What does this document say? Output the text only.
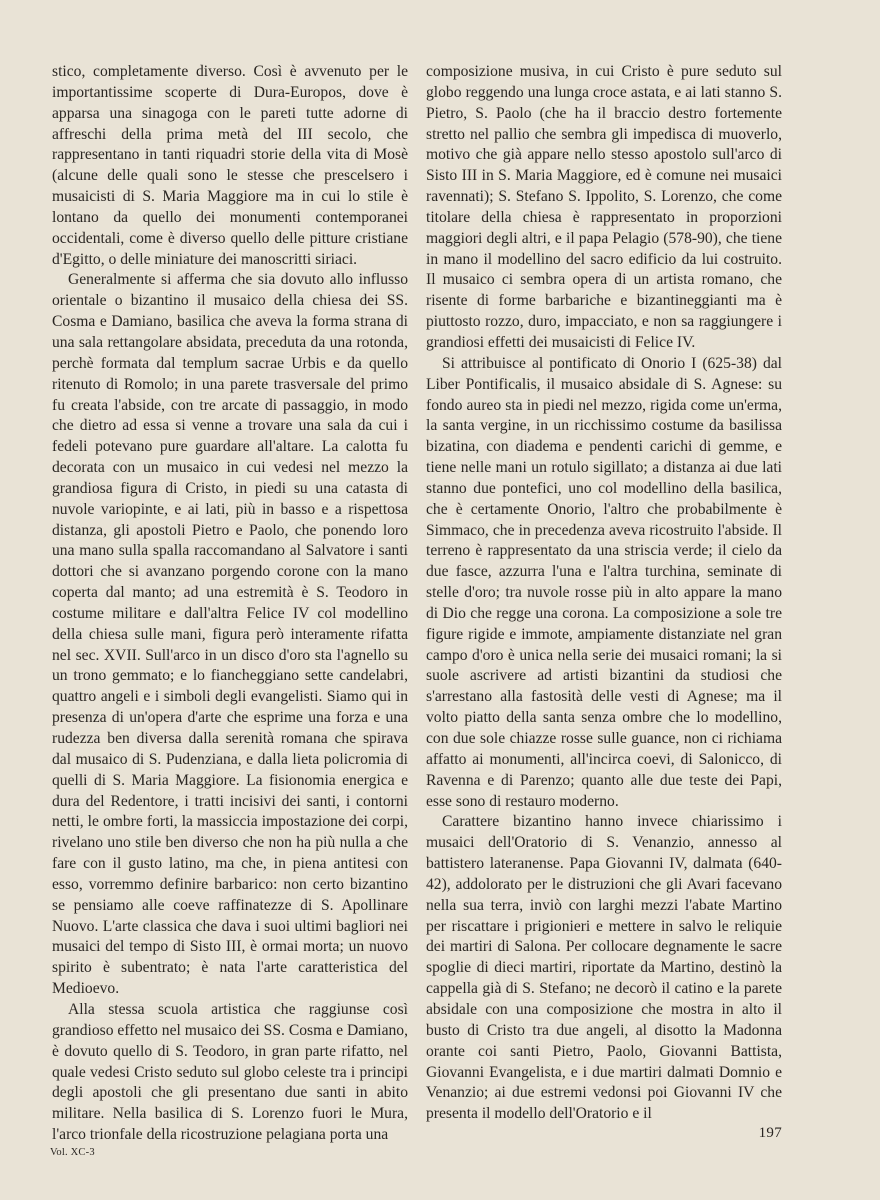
stico, completamente diverso. Così è avvenuto per le importantissime scoperte di Dura-Europos, dove è apparsa una sinagoga con le pareti tutte adorne di affreschi della prima metà del III secolo, che rappresentano in tanti riquadri storie della vita di Mosè (alcune delle quali sono le stesse che prescelsero i musaicisti di S. Maria Maggiore ma in cui lo stile è lontano da quello dei monumenti contemporanei occidentali, come è diverso quello delle pitture cristiane d'Egitto, o delle miniature dei manoscritti siriaci.

Generalmente si afferma che sia dovuto allo influsso orientale o bizantino il musaico della chiesa dei SS. Cosma e Damiano, basilica che aveva la forma strana di una sala rettangolare absidata, preceduta da una rotonda, perchè formata dal templum sacrae Urbis e da quello ritenuto di Romolo; in una parete trasversale del primo fu creata l'abside, con tre arcate di passaggio, in modo che dietro ad essa si venne a trovare una sala da cui i fedeli potevano pure guardare all'altare. La calotta fu decorata con un musaico in cui vedesi nel mezzo la grandiosa figura di Cristo, in piedi su una catasta di nuvole variopinte, e ai lati, più in basso e a rispettosa distanza, gli apostoli Pietro e Paolo, che ponendo loro una mano sulla spalla raccomandano al Salvatore i santi dottori che si avanzano porgendo corone con la mano coperta dal manto; ad una estremità è S. Teodoro in costume militare e dall'altra Felice IV col modellino della chiesa sulle mani, figura però interamente rifatta nel sec. XVII. Sull'arco in un disco d'oro sta l'agnello su un trono gemmato; e lo fiancheggiano sette candelabri, quattro angeli e i simboli degli evangelisti. Siamo qui in presenza di un'opera d'arte che esprime una forza e una rudezza ben diversa dalla serenità romana che spirava dal musaico di S. Pudenziana, e dalla lieta policromia di quelli di S. Maria Maggiore. La fisionomia energica e dura del Redentore, i tratti incisivi dei santi, i contorni netti, le ombre forti, la massiccia impostazione dei corpi, rivelano uno stile ben diverso che non ha più nulla a che fare con il gusto latino, ma che, in piena antitesi con esso, vorremmo definire barbarico: non certo bizantino se pensiamo alle coeve raffinatezze di S. Apollinare Nuovo. L'arte classica che dava i suoi ultimi bagliori nei musaici del tempo di Sisto III, è ormai morta; un nuovo spirito è subentrato; è nata l'arte caratteristica del Medioevo.

Alla stessa scuola artistica che raggiunse così grandioso effetto nel musaico dei SS. Cosma e Damiano, è dovuto quello di S. Teodoro, in gran parte rifatto, nel quale vedesi Cristo seduto sul globo celeste tra i principi degli apostoli che gli presentano due santi in abito militare. Nella basilica di S. Lorenzo fuori le Mura, l'arco trionfale della ricostruzione pelagiana porta una

composizione musiva, in cui Cristo è pure seduto sul globo reggendo una lunga croce astata, e ai lati stanno S. Pietro, S. Paolo (che ha il braccio destro fortemente stretto nel pallio che sembra gli impedisca di muoverlo, motivo che già appare nello stesso apostolo sull'arco di Sisto III in S. Maria Maggiore, ed è comune nei musaici ravennati); S. Stefano S. Ippolito, S. Lorenzo, che come titolare della chiesa è rappresentato in proporzioni maggiori degli altri, e il papa Pelagio (578-90), che tiene in mano il modellino del sacro edificio da lui costruito. Il musaico ci sembra opera di un artista romano, che risente di forme barbariche e bizantineggianti ma è piuttosto rozzo, duro, impacciato, e non sa raggiungere i grandiosi effetti dei musaicisti di Felice IV.

Si attribuisce al pontificato di Onorio I (625-38) dal Liber Pontificalis, il musaico absidale di S. Agnese: su fondo aureo sta in piedi nel mezzo, rigida come un'erma, la santa vergine, in un ricchissimo costume da basilissa bizatina, con diadema e pendenti carichi di gemme, e tiene nelle mani un rotulo sigillato; a distanza ai due lati stanno due pontefici, uno col modellino della basilica, che è certamente Onorio, l'altro che probabilmente è Simmaco, che in precedenza aveva ricostruito l'abside. Il terreno è rappresentato da una striscia verde; il cielo da due fasce, azzurra l'una e l'altra turchina, seminate di stelle d'oro; tra nuvole rosse più in alto appare la mano di Dio che regge una corona. La composizione a sole tre figure rigide e immote, ampiamente distanziate nel gran campo d'oro è unica nella serie dei musaici romani; la si suole ascrivere ad artisti bizantini da studiosi che s'arrestano alla fastosità delle vesti di Agnese; ma il volto piatto della santa senza ombre che lo modellino, con due sole chiazze rosse sulle guance, non ci richiama affatto ai monumenti, all'incirca coevi, di Salonicco, di Ravenna e di Parenzo; quanto alle due teste dei Papi, esse sono di restauro moderno.

Carattere bizantino hanno invece chiarissimo i musaici dell'Oratorio di S. Venanzio, annesso al battistero lateranense. Papa Giovanni IV, dalmata (640-42), addolorato per le distruzioni che gli Avari facevano nella sua terra, inviò con larghi mezzi l'abate Martino per riscattare i prigionieri e mettere in salvo le reliquie dei martiri di Salona. Per collocare degnamente le sacre spoglie di dieci martiri, riportate da Martino, destinò la cappella già di S. Stefano; ne decorò il catino e la parete absidale con una composizione che mostra in alto il busto di Cristo tra due angeli, al disotto la Madonna orante coi santi Pietro, Paolo, Giovanni Battista, Giovanni Evangelista, e i due martiri dalmati Domnio e Venanzio; ai due estremi vedonsi poi Giovanni IV che presenta il modello dell'Oratorio e il

197
Vol. XC-3
